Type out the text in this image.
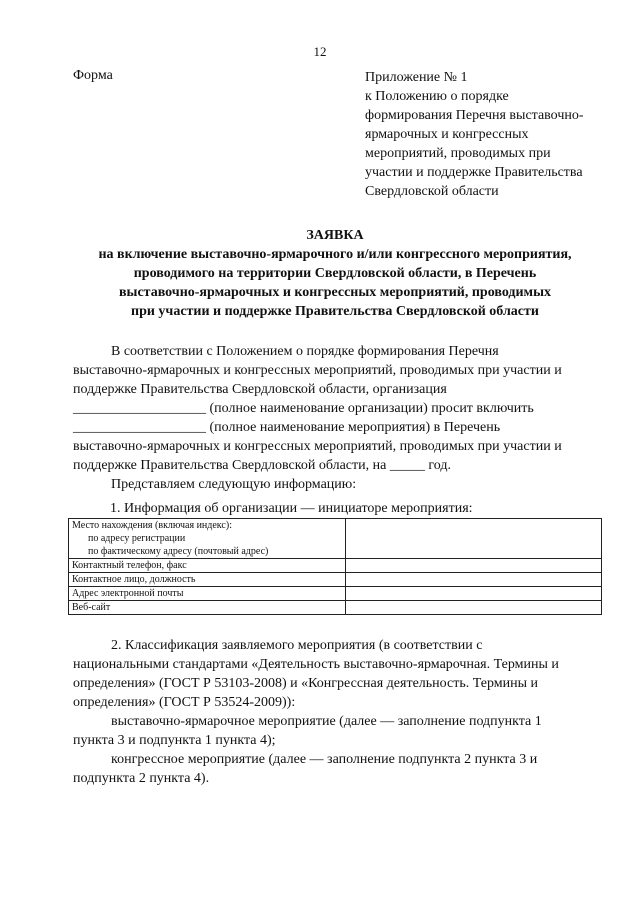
12
Форма	Приложение № 1
к Положению о порядке
формирования Перечня выставочно-
ярмарочных и конгрессных
мероприятий, проводимых при
участии и поддержке Правительства
Свердловской области
ЗАЯВКА
на включение выставочно-ярмарочного и/или конгрессного мероприятия,
проводимого на территории Свердловской области, в Перечень
выставочно-ярмарочных и конгрессных мероприятий, проводимых
при участии и поддержке Правительства Свердловской области
В соответствии с Положением о порядке формирования Перечня
выставочно-ярмарочных и конгрессных мероприятий, проводимых при участии и
поддержке Правительства Свердловской области, организация
___________________ (полное наименование организации) просит включить
___________________ (полное наименование мероприятия) в Перечень
выставочно-ярмарочных и конгрессных мероприятий, проводимых при участии и
поддержке Правительства Свердловской области, на _____ год.
Представляем следующую информацию:
1. Информация об организации — инициаторе мероприятия:
Место нахождения (включая индекс):
по адресу регистрации
по фактическому адресу (почтовый адрес)	

Контактный телефон, факс	
Контактное лицо, должность	
Адрес электронной почты	
Веб-сайт	
2. Классификация заявляемого мероприятия (в соответствии с
национальными стандартами «Деятельность выставочно-ярмарочная. Термины и
определения» (ГОСТ Р 53103-2008) и «Конгрессная деятельность. Термины и
определения» (ГОСТ Р 53524-2009)):
выставочно-ярмарочное мероприятие (далее — заполнение подпункта 1
пункта 3 и подпункта 1 пункта 4);
конгрессное мероприятие (далее — заполнение подпункта 2 пункта 3 и
подпункта 2 пункта 4).
